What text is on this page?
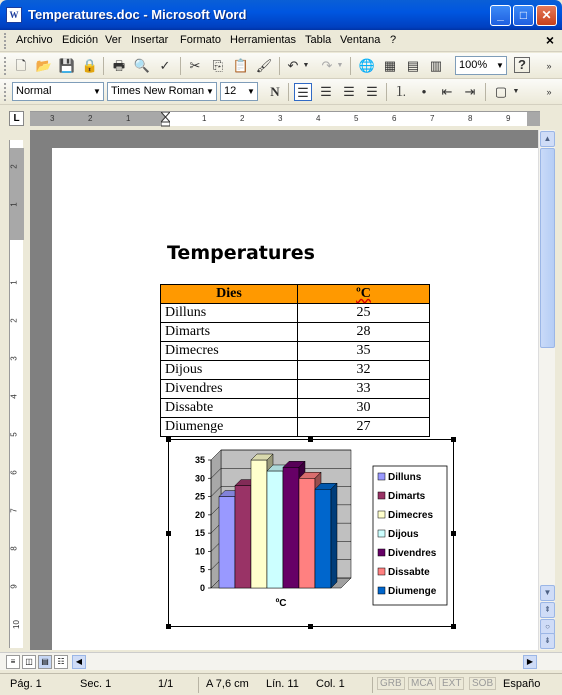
W Temperatures.doc - Microsoft Word	_	□	✕
Archivo Edición Ver Insertar Formato Herramientas Tabla Ventana ?	×
🗋 📂 💾 🔒 🖶 🔍 ✓ ✂ ⎘ 📋 🖌 ↶ ▼ ↷ ▼ 🌐 ▦ ▤ ▥	100% ▼	?	»
Normal	▼ Times New Roman ▼ 12 ▼	N	☰ ☰ ☰ ☰ ⒈	•	⇤ ⇥ ▢ ▼	»
L	3	2	1	1	2	3	4	5	6	7	8	9
2
1
1
2
3
4
5
6
7
8
9
10
Temperatures
Dies	ºC
Dilluns	25
Dimarts	28
Dimecres	35
Dijous	32
Divendres	33
Dissabte	30
Diumenge	27
0
5
10
15
20
25
30
35
ºC
Dilluns
Dimarts
Dimecres
Dijous
Divendres
Dissabte
Diumenge
▲
▼
⇞
○
⇟
≡	◫	▤	☷	◀	▶
Pág. 1	Sec. 1	1/1	A 7,6 cm Lín. 11 Col. 1	GRB MCA EXT	SOB Españo
